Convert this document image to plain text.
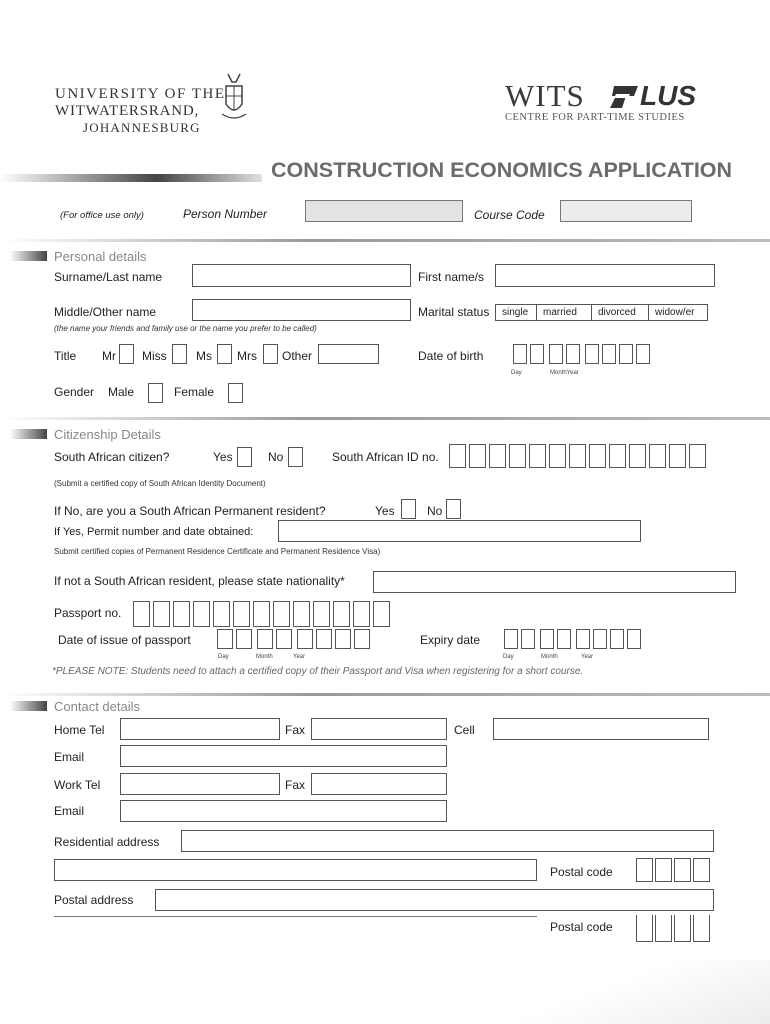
UNIVERSITY OF THE
WITWATERSRAND,
JOHANNESBURG
WITS LUS
CENTRE FOR PART-TIME STUDIES
CONSTRUCTION ECONOMICS APPLICATION
(For office use only)	Person Number	Course Code
Personal details
Surname/Last name	First name/s
Middle/Other name	Marital status	single	married	divorced	widow/er
(the name your friends and family use or the name you prefer to be called)
Title Mr Miss Ms Mrs Other	Date of birth
Day	MonthYear
Gender Male	Female
Citizenship Details
South African citizen?	Yes	No	South African ID no.
(Submit a certified copy of South African Identity Document)
If No, are you a South African Permanent resident?	Yes	No
If Yes, Permit number and date obtained:
Submit certified copies of Permanent Residence Certificate and Permanent Residence Visa)
If not a South African resident, please state nationality*
Passport no.
Date of issue of passport
Day	Month	Year
Expiry date
Day	Month	Year
*PLEASE NOTE: Students need to attach a certified copy of their Passport and Visa when registering for a short course.
Contact details
Home Tel	Fax	Cell
Email
Work Tel	Fax
Email
Residential address
Postal code
Postal address
Postal code
